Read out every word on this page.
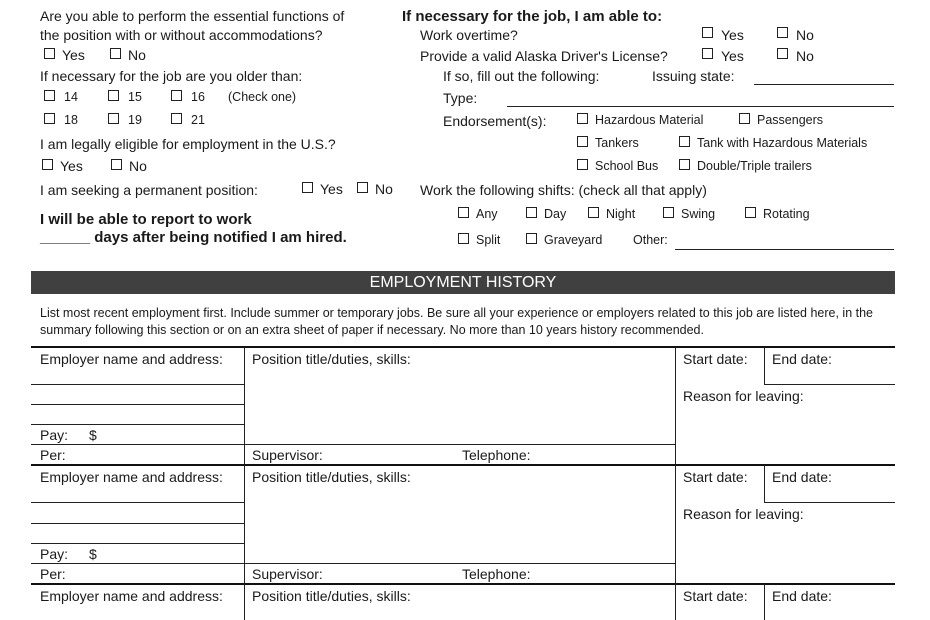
Are you able to perform the essential functions of
the position with or without accommodations?
Yes	No
If necessary for the job are you older than:
14	15	16 (Check one)
18	19	21
I am legally eligible for employment in the U.S.?
Yes	No
I am seeking a permanent position:	Yes No
I will be able to report to work
______ days after being notified I am hired.
If necessary for the job, I am able to:
Work overtime?	Yes	No
Provide a valid Alaska Driver's License?	Yes	No
If so, fill out the following:	Issuing state:
Type:
Endorsement(s):	Hazardous Material	Passengers
Tankers	Tank with Hazardous Materials
School Bus	Double/Triple trailers
Work the following shifts: (check all that apply)
Any	Day	Night	Swing	Rotating
Split	Graveyard Other:
EMPLOYMENT HISTORY
List most recent employment first. Include summer or temporary jobs. Be sure all your experience or employers related to this job are listed here, in the summary following this section or on an extra sheet of paper if necessary. No more than 10 years history recommended.
Employer name and address: Position title/duties, skills:	Start date: End date:
Reason for leaving:
Pay: $
Per:	Supervisor:	Telephone:
Employer name and address: Position title/duties, skills:	Start date: End date:
Reason for leaving:
Pay: $
Per:	Supervisor:	Telephone:
Employer name and address: Position title/duties, skills:	Start date: End date:
